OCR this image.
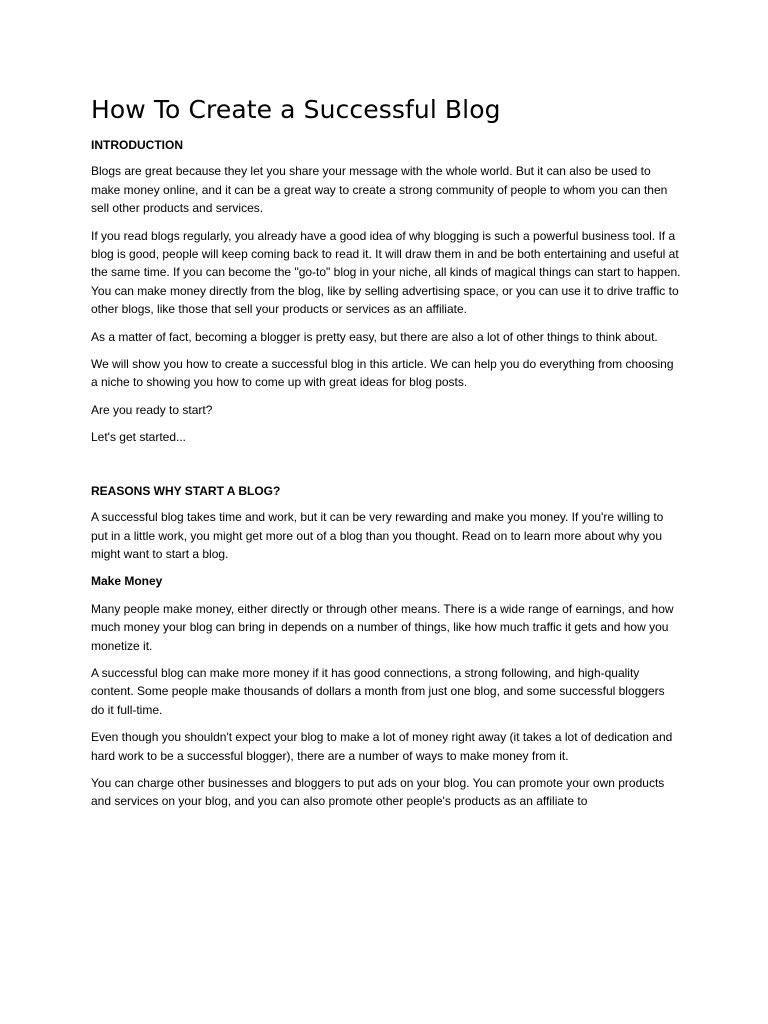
How To Create a Successful Blog
INTRODUCTION

Blogs are great because they let you share your message with the whole world. But it can also be used to make money online, and it can be a great way to create a strong community of people to whom you can then sell other products and services.

If you read blogs regularly, you already have a good idea of why blogging is such a powerful business tool. If a blog is good, people will keep coming back to read it. It will draw them in and be both entertaining and useful at the same time. If you can become the "go-to" blog in your niche, all kinds of magical things can start to happen. You can make money directly from the blog, like by selling advertising space, or you can use it to drive traffic to other blogs, like those that sell your products or services as an affiliate.

As a matter of fact, becoming a blogger is pretty easy, but there are also a lot of other things to think about.

We will show you how to create a successful blog in this article. We can help you do everything from choosing a niche to showing you how to come up with great ideas for blog posts.

Are you ready to start?

Let's get started...

REASONS WHY START A BLOG?

A successful blog takes time and work, but it can be very rewarding and make you money. If you're willing to put in a little work, you might get more out of a blog than you thought. Read on to learn more about why you might want to start a blog.

Make Money

Many people make money, either directly or through other means. There is a wide range of earnings, and how much money your blog can bring in depends on a number of things, like how much traffic it gets and how you monetize it.

A successful blog can make more money if it has good connections, a strong following, and high-quality content. Some people make thousands of dollars a month from just one blog, and some successful bloggers do it full-time.

Even though you shouldn't expect your blog to make a lot of money right away (it takes a lot of dedication and hard work to be a successful blogger), there are a number of ways to make money from it.

You can charge other businesses and bloggers to put ads on your blog. You can promote your own products and services on your blog, and you can also promote other people's products as an affiliate to
